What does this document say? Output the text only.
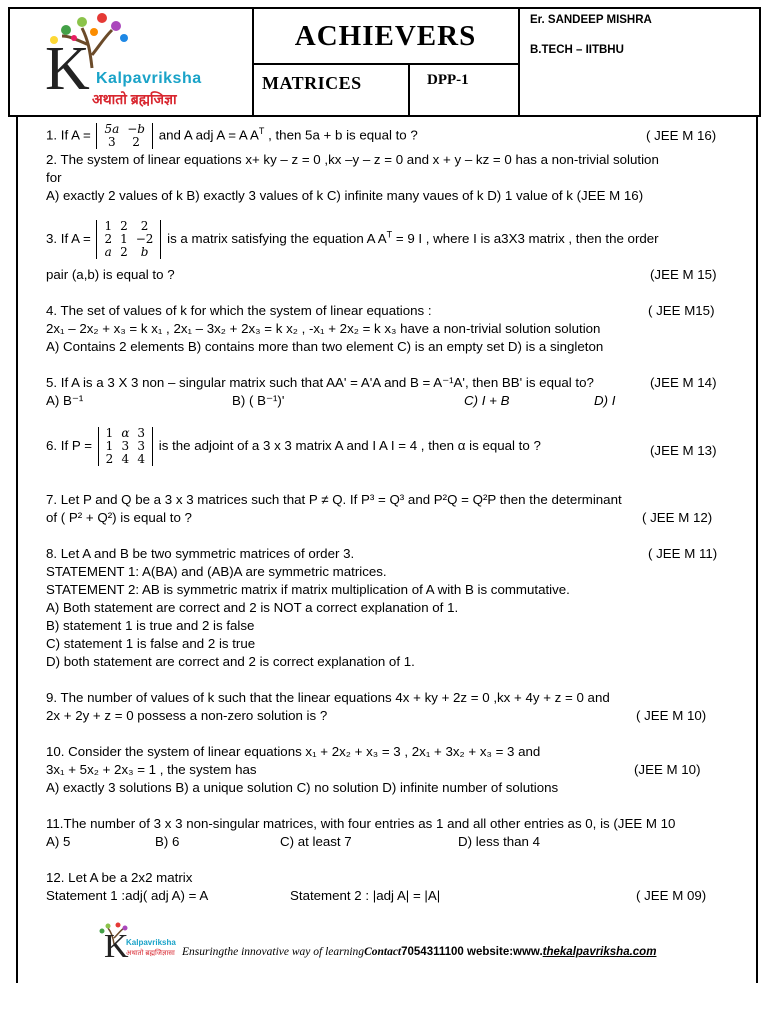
K Kalpavriksha
अथातो ब्रह्मजिज्ञा
ACHIEVERS
MATRICES	DPP-1
Er. SANDEEP MISHRA
B.TECH – IITBHU
1. If A = 5a	−b
3	2 and A adj A = A $A^T$ , then 5a + b is equal to ?	( JEE M 16)
2. The system of linear equations x+ ky – z = 0 ,kx –y – z = 0 and x + y – kz = 0 has a non-trivial solution
for
A) exactly 2 values of k B) exactly 3 values of k C) infinite many vaues of k D) 1 value of k (JEE M 16)
3. If A =
1	2	2
2	1	−2
a	2	b
is a matrix satisfying the equation A $A^T = 9$ I , where I is a3X3 matrix , then the order
pair (a,b) is equal to ?	(JEE M 15)
4. The set of values of k for which the system of linear equations :	( JEE M15)
2x₁ – 2x₂ + x₃ = k x₁ , 2x₁ – 3x₂ + 2x₃ = k x₂ , -x₁ + 2x₂ = k x₃ have a non-trivial solution solution
A) Contains 2 elements B) contains more than two element C) is an empty set D) is a singleton
5. If A is a 3 X 3 non – singular matrix such that AA' = A'A and B = A⁻¹A', then BB' is equal to?	(JEE M 14)
A) B⁻¹	B) ( B⁻¹)'	C) I + B	D) I
6. If P =
1	α	3
1	3	3
2	4	4
is the adjoint of a 3 x 3 matrix A and I A I = 4 , then α is equal to ?	(JEE M 13)
7. Let P and Q be a 3 x 3 matrices such that P ≠ Q. If P³ = Q³ and P²Q = Q²P then the determinant
of ( P² + Q²) is equal to ?	( JEE M 12)
8. Let A and B be two symmetric matrices of order 3.	( JEE M 11)
STATEMENT 1: A(BA) and (AB)A are symmetric matrices.
STATEMENT 2: AB is symmetric matrix if matrix multiplication of A with B is commutative.
A) Both statement are correct and 2 is NOT a correct explanation of 1.
B) statement 1 is true and 2 is false
C) statement 1 is false and 2 is true
D) both statement are correct and 2 is correct explanation of 1.
9. The number of values of k such that the linear equations 4x + ky + 2z = 0 ,kx + 4y + z = 0 and
2x + 2y + z = 0 possess a non-zero solution is ?	( JEE M 10)
10. Consider the system of linear equations x₁ + 2x₂ + x₃ = 3 , 2x₁ + 3x₂ + x₃ = 3 and
3x₁ + 5x₂ + 2x₃ = 1 , the system has	(JEE M 10)
A) exactly 3 solutions B) a unique solution C) no solution D) infinite number of solutions
11.The number of 3 x 3 non-singular matrices, with four entries as 1 and all other entries as 0, is (JEE M 10
A) 5	B) 6	C) at least 7	D) less than 4
12. Let A be a 2x2 matrix
Statement 1 :adj( adj A) = A	Statement 2 : |adj A| = |A|	( JEE M 09)
K
Kalpavriksha
अथातो ब्रह्मजिज्ञासा Ensuringthe innovative way of learningContact7054311100 website:www.thekalpavriksha.com
